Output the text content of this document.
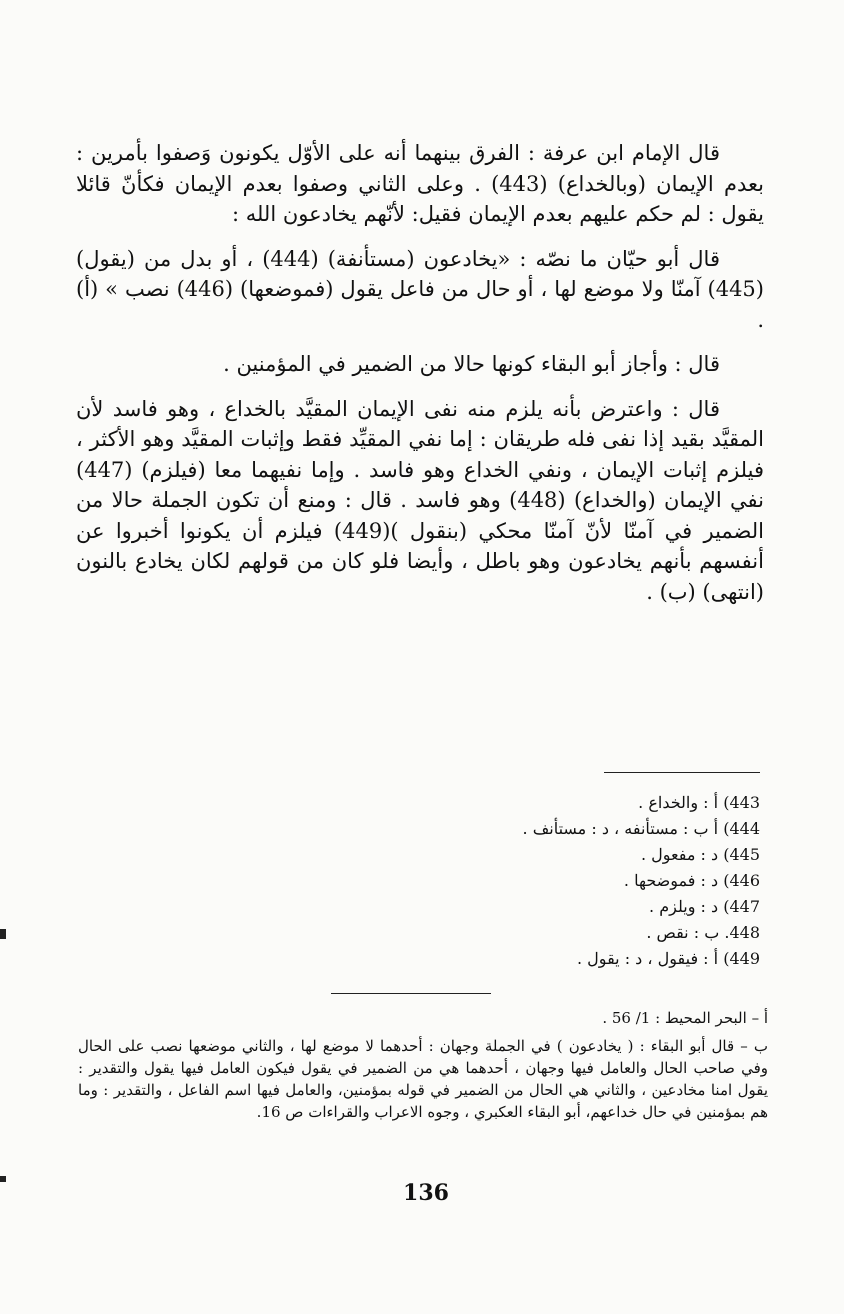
قال الإمام ابن عرفة : الفرق بينهما أنه على الأوّل يكونون وَصفوا بأمرين : بعدم الإيمان (وبالخداع) (443) . وعلى الثاني وصفوا بعدم الإيمان فكأنّ قائلا يقول : لم حكم عليهم بعدم الإيمان فقيل: لأنّهم يخادعون الله :

قال أبو حيّان ما نصّه : «يخادعون (مستأنفة) (444) ، أو بدل من (يقول) (445) آمنّا ولا موضع لها ، أو حال من فاعل يقول (فموضعها) (446) نصب » (أ) .

قال : وأجاز أبو البقاء كونها حالا من الضمير في المؤمنين .

قال : واعترض بأنه يلزم منه نفى الإيمان المقيَّد بالخداع ، وهو فاسد لأن المقيَّد بقيد إذا نفى فله طريقان : إما نفي المقيِّد فقط وإثبات المقيَّد وهو الأكثر ، فيلزم إثبات الإيمان ، ونفي الخداع وهو فاسد . وإما نفيهما معا (فيلزم) (447) نفي الإيمان (والخداع) (448) وهو فاسد . قال : ومنع أن تكون الجملة حالا من الضمير في آمنّا لأنّ آمنّا محكي (بنقول )(449) فيلزم أن يكونوا أخبروا عن أنفسهم بأنهم يخادعون وهو باطل ، وأيضا فلو كان من قولهم لكان يخادع بالنون (انتهى) (ب) .

443) أ : والخداع .
444) أ ب : مستأنفه ، د : مستأنف .
445) د : مفعول .
446) د : فموضحها .
447) د : ويلزم .
448. ب : نقص .
449) أ : فيقول ، د : يقول .
أ – البحر المحيط : 1/ 56 .
ب – قال أبو البقاء : ( يخادعون ) في الجملة وجهان : أحدهما لا موضع لها ، والثاني موضعها نصب على الحال وفي صاحب الحال والعامل فيها وجهان ، أحدهما هي من الضمير في يقول فيكون العامل فيها يقول والتقدير : يقول امنا مخادعين ، والثاني هي الحال من الضمير في قوله بمؤمنين، والعامل فيها اسم الفاعل ، والتقدير : وما هم بمؤمنين في حال خداعهم، أبو البقاء العكبري ، وجوه الاعراب والقراءات ص 16.
136
